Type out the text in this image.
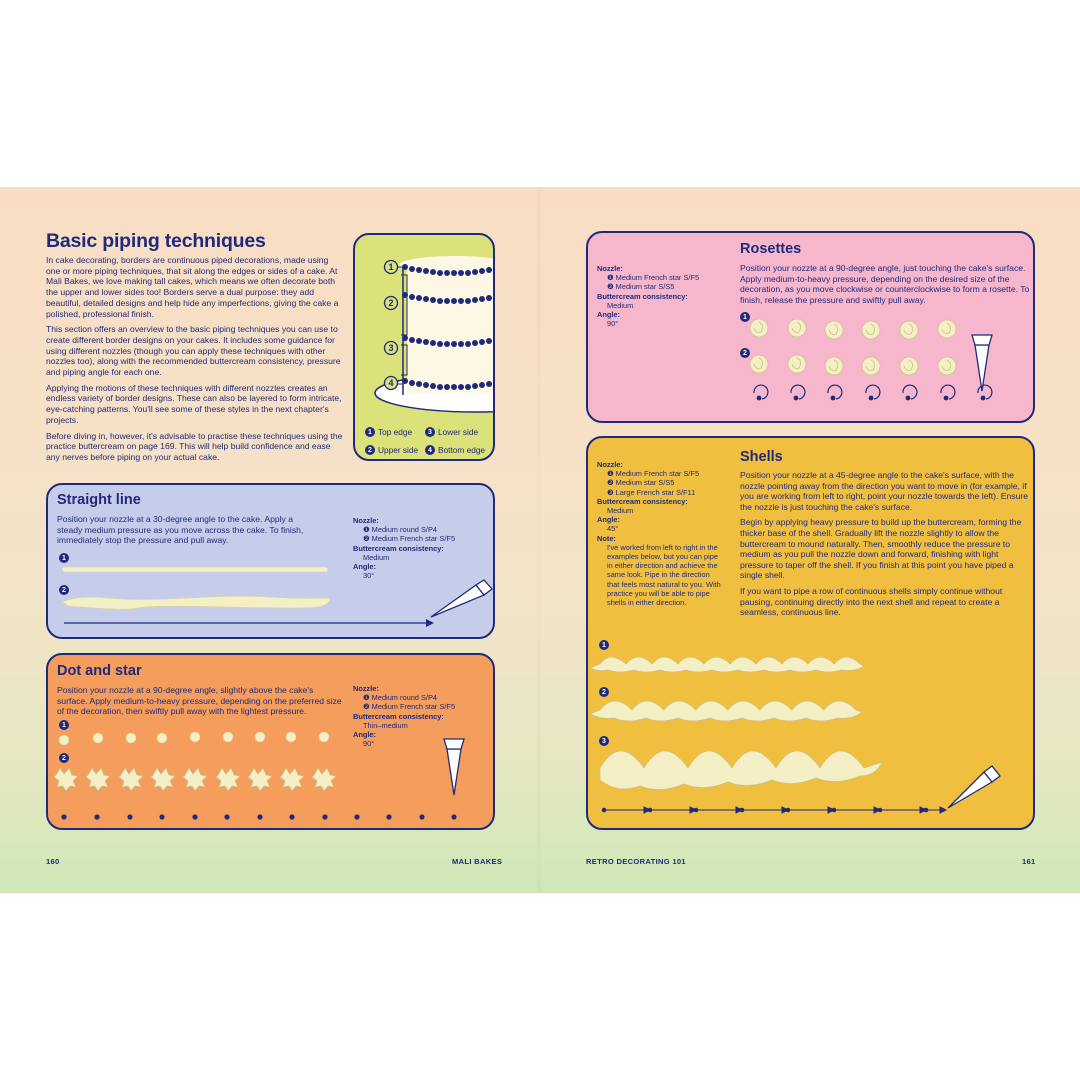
Basic piping techniques

In cake decorating, borders are continuous piped decorations, made using one or more piping techniques, that sit along the edges or sides of a cake. At Mali Bakes, we love making tall cakes, which means we often decorate both the upper and lower sides too! Borders serve a dual purpose: they add beautiful, detailed designs and help hide any imperfections, giving the cake a polished, professional finish.

This section offers an overview to the basic piping techniques you can use to create different border designs on your cakes. It includes some guidance for using different nozzles (though you can apply these techniques with other nozzles too), along with the recommended buttercream consistency, pressure and piping angle for each one.

Applying the motions of these techniques with different nozzles creates an endless variety of border designs. These can also be layered to form intricate, eye-catching patterns. You'll see some of these styles in the next chapter's projects.

Before diving in, however, it's advisable to practise these techniques using the practice buttercream on page 169. This will help build confidence and ease any nerves before piping on your actual cake.

1
2
3
4
1 Top edge	3 Lower side
2 Upper side	4 Bottom edge
Straight line
Position your nozzle at a 30-degree angle to the cake. Apply a steady medium pressure as you move across the cake. To finish, immediately stop the pressure and pull away.
Nozzle:
❶ Medium round S/P4
❷ Medium French star S/F5
Buttercream consistency:
Medium
Angle:
30°
1
2
Dot and star
Position your nozzle at a 90-degree angle, slightly above the cake's surface. Apply medium-to-heavy pressure, depending on the preferred size of the decoration, then swiftly pull away with the lightest pressure.
Nozzle:
❶ Medium round S/P4
❷ Medium French star S/F5
Buttercream consistency:
Thin–medium
Angle:
90°
1
2
160	MALI BAKES
Rosettes
Position your nozzle at a 90-degree angle, just touching the cake's surface. Apply medium-to-heavy pressure, depending on the desired size of the decoration, as you move clockwise or counterclockwise to form a rosette. To finish, release the pressure and swiftly pull away.
Nozzle:
❶ Medium French star S/F5
❷ Medium star S/S5
Buttercream consistency:
Medium
Angle:
90°
1
2
Shells

Position your nozzle at a 45-degree angle to the cake's surface, with the nozzle pointing away from the direction you want to move in (for example, if you are working from left to right, point your nozzle towards the left). Ensure the nozzle is just touching the cake's surface.

Begin by applying heavy pressure to build up the buttercream, forming the thicker base of the shell. Gradually lift the nozzle slightly to allow the buttercream to mound naturally. Then, smoothly reduce the pressure to medium as you pull the nozzle down and forward, finishing with light pressure to taper off the shell. If you finish at this point you have piped a single shell.

If you want to pipe a row of continuous shells simply continue without pausing, continuing directly into the next shell and repeat to create a seamless, continuous line.

Nozzle:
❶ Medium French star S/F5
❷ Medium star S/S5
❸ Large French star S/F11
Buttercream consistency:
Medium
Angle:
45°
Note:
I've worked from left to right in the examples below, but you can pipe in either direction and achieve the same look. Pipe in the direction that feels most natural to you. With practice you will be able to pipe shells in either direction.
1
2
3
RETRO DECORATING 101	161
